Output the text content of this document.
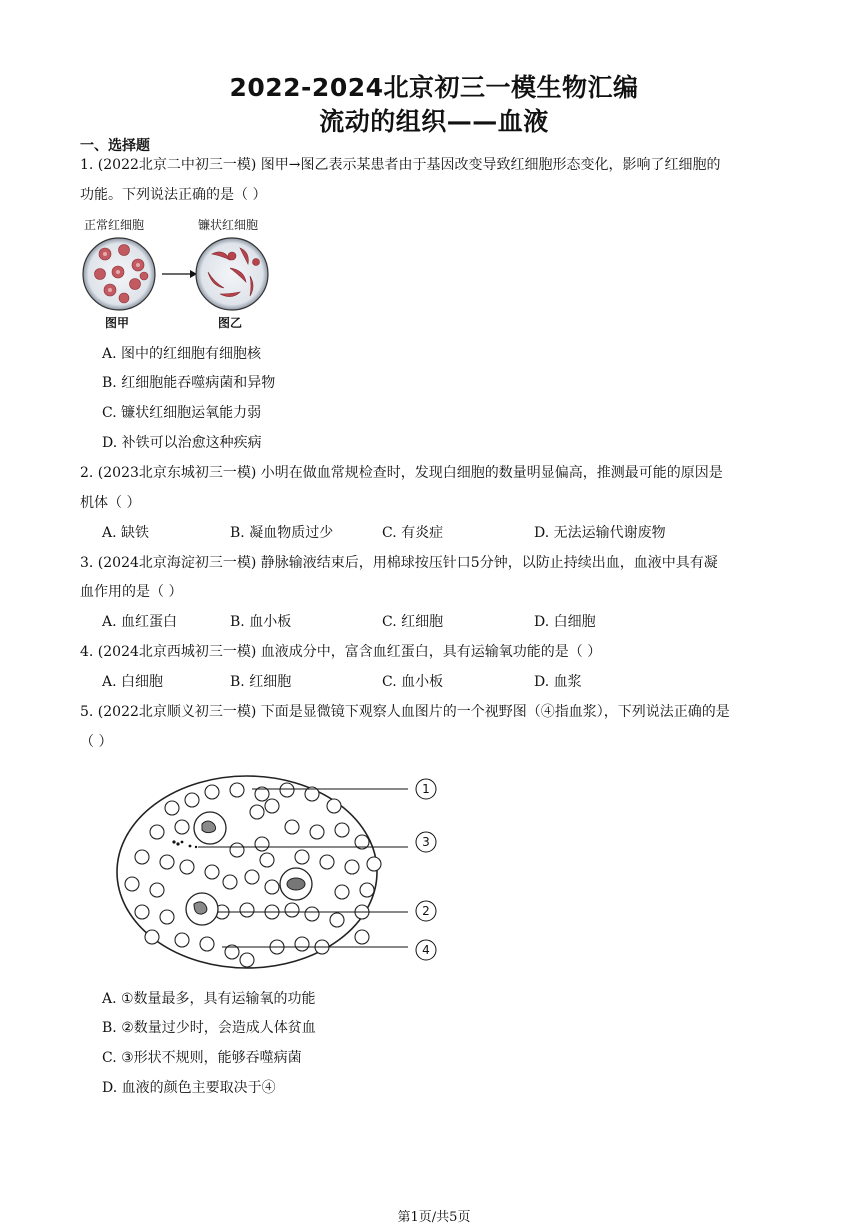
2022-2024北京初三一模生物汇编
流动的组织——血液
一、选择题
1. (2022北京二中初三一模) 图甲→图乙表示某患者由于基因改变导致红细胞形态变化，影响了红细胞的
功能。下列说法正确的是（ ）
正常红细胞	镰状红细胞
图甲	图乙
A. 图中的红细胞有细胞核
B. 红细胞能吞噬病菌和异物
C. 镰状红细胞运氧能力弱
D. 补铁可以治愈这种疾病
2. (2023北京东城初三一模) 小明在做血常规检查时，发现白细胞的数量明显偏高，推测最可能的原因是
机体（ ）
A. 缺铁	B. 凝血物质过少	C. 有炎症	D. 无法运输代谢废物
3. (2024北京海淀初三一模) 静脉输液结束后，用棉球按压针口5分钟，以防止持续出血，血液中具有凝
血作用的是（ ）
A. 血红蛋白	B. 血小板	C. 红细胞	D. 白细胞
4. (2024北京西城初三一模) 血液成分中，富含血红蛋白，具有运输氧功能的是（ ）
A. 白细胞	B. 红细胞	C. 血小板	D. 血浆
5. (2022北京顺义初三一模) 下面是显微镜下观察人血图片的一个视野图（④指血浆），下列说法正确的是
（ ）
1
3
2
4
A. ①数量最多，具有运输氧的功能
B. ②数量过少时，会造成人体贫血
C. ③形状不规则，能够吞噬病菌
D. 血液的颜色主要取决于④
第1页/共5页
